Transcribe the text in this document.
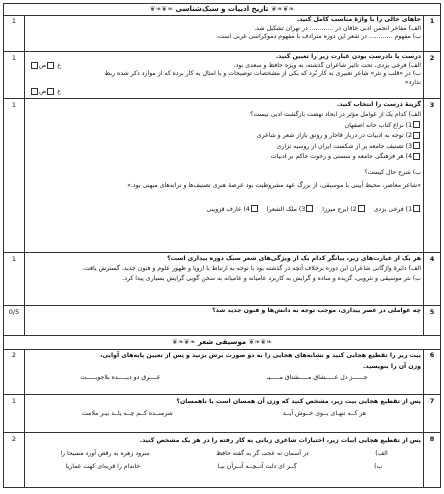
❧❦❧❦ تاریخ ادبیات و سبک‌شناسی ❧❦❧❦
1
1	جاهای خالی را با واژهٔ مناسب کامل کنید.
الف) مفاخر انجمن ادبی خاقان در ............ در تهران تشکیل شد.
ب) مفهوم ............ در شعر این دوره مترادف با مفهوم دموکراسی غربی است.
2
1	درست یا نادرست بودن عبارت زیر را تعیین کنید.
الف) فرخی یزدی، تحت تأثیر شاعران گذشته، به ویژه حافظ و سعدی بود.
ب) در «قلب و نثر» شاعر تعبیری به کار بُرد که یکی از مشخصات توصیحات و یا امثال به کار برده که از موارد ذکر شده ربط
ندارد»
غ ص
غ ص
3
1	گزینهٔ درست را انتخاب کنید.
الف) کدام یک از عوامل مؤثر در ایجاد نهضت بازگشت ادبی نیست؟
1) نزاع کتاب خانه اصفهان
2) توجه به ادبیات در دربار قاجار و رونق بازار شعر و شاعری
3) تصنیف جامعه پر از شکست ایران از روسیه تزاری
4) هر فرهنگی جامعه و سستی و رخوت حاکم بر ادبیات
ب) شرح حال کیست؟
«شاعر معاصر، محیط آیینی با موسیقی، از بزرگ عهد مشروطیت بود عرصهٔ هنری تصنیف‌ها و ترانه‌های میهنی بود.»
1) فرخی یزدی 2) ایرج میرزا 3) ملک الشعرا 4) عارف قزوینی
4
1	هر یک از عبارت‌های زیر، بیانگر کدام یک از ویژگی‌های شعر سبک دوره بیداری است؟
الف) دایرهٔ واژگانی شاعران این دوره برخلاف آنچه در گذشته بود با توجه به ارتباط با اروپا و ظهور علوم و فنون جدید، گسترش یافت.
ب) نثر موسیقی و نثرویی، گزیده و ساده و گرایش به کاربرد عامیانه و عامیانه به سخن گویی گرایش بسیاری پیدا کرد.
5
0/5	چه عواملی در عصر بیداری، موجب توجه به دانش‌ها و فنون جدید شد؟
❧❦❧❦ موسیقی شعر ❧❦❧❦
6
2	بیت زیر را تقطیع هجایی کنید و نشانه‌های هجایی را به دو صورت برش بزنید و پس از تعیین پایه‌های آوایی،
وزن آن را بنویسید.
جــــــز دل عـــــشاق مـــــشتاق مـــــیـ
غــــرق دو دیـــــده بلاجویـــــت
7
1	پس از تقطیع هجایی بیت زیر، مشخص کنید که وزن آن همسان است یا ناهمسان؟
هر کــه تنهـای بــوی خــوش آیــد
شرمنــده کــم چــه یاــد بیـر ملامت
8
2	پس از تقطیع هجایی ابیات زیر، اختیارات شاعری زبانی به کار رفته را در هر یک مشخص کنید.
الف)
در آسمان نه عجب گر به گفته حافظ
سرود زهره به رقص آورد مسیحا را
ب)
گــر ای دلت آنــچــه آنــرآن بیـا
خانه‌ام را قریه‌ای کهت عماریا
